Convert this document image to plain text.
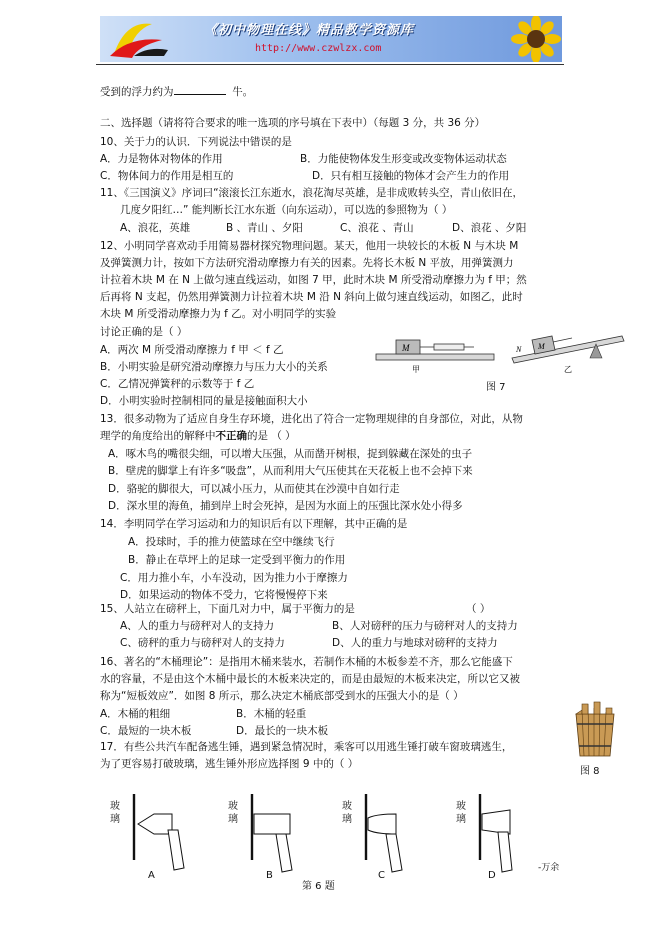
《初中物理在线》精品教学资源库
http://www.czwlzx.com
受到的浮力约为	牛。
二、选择题（请将符合要求的唯一选项的序号填在下表中）（每题 3 分，共 36 分）
10、关于力的认识．下列说法中错误的是
A．力是物体对物体的作用	B．力能使物体发生形变或改变物体运动状态
C．物体间力的作用是相互的	D．只有相互接触的物体才会产生力的作用
11、《三国演义》序词曰“滚滚长江东逝水，浪花淘尽英雄，是非成败转头空，青山依旧在，
几度夕阳红…” 能判断长江水东逝（向东运动），可以选的参照物为（ ）
A、浪花，英雄	B 、青山 、夕阳	C、浪花 、青山	D、浪花 、夕阳
12、小明同学喜欢动手用简易器材探究物理问题。某天，他用一块较长的木板 N 与木块 M
及弹簧测力计，按如下方法研究滑动摩擦力有关的因素。先将长木板 N 平放，用弹簧测力
计拉着木块 M 在 N 上做匀速直线运动，如图 7 甲，此时木块 M 所受滑动摩擦力为 f 甲；然
后再将 N 支起，仍然用弹簧测力计拉着木块 M 沿 N 斜向上做匀速直线运动，如图乙，此时
木块 M 所受滑动摩擦力为 f 乙。对小明同学的实验
讨论正确的是（ ）
A．两次 M 所受滑动摩擦力 f 甲 ＜ f 乙
B．小明实验是研究滑动摩擦力与压力大小的关系
C．乙情况弹簧秤的示数等于 f 乙
D．小明实验时控制相同的量是接触面积大小
M
甲
M
N
乙
图 7
13．很多动物为了适应自身生存环境，进化出了符合一定物理规律的自身部位，对此，从物
理学的角度给出的解释中不正确的是 （ ）
A．啄木鸟的嘴很尖细，可以增大压强，从而凿开树根，捉到躲藏在深处的虫子
B．壁虎的脚掌上有许多“吸盘”，从而利用大气压使其在天花板上也不会掉下来
D．骆驼的脚很大，可以减小压力，从而使其在沙漠中自如行走
D．深水里的海鱼，捕到岸上时会死掉，是因为水面上的压强比深水处小得多
14．李明同学在学习运动和力的知识后有以下理解，其中正确的是
A．投球时，手的推力使篮球在空中继续飞行
B．静止在草坪上的足球一定受到平衡力的作用
C．用力推小车，小车没动，因为推力小于摩擦力
D．如果运动的物体不受力，它将慢慢停下来
15、人站立在磅秤上，下面几对力中，属于平衡力的是	（ ）
A、人的重力与磅秤对人的支持力	B、人对磅秤的压力与磅秤对人的支持力
C、磅秤的重力与磅秤对人的支持力	D、人的重力与地球对磅秤的支持力
16、著名的“木桶理论”：是指用木桶来装水，若制作木桶的木板参差不齐，那么它能盛下
水的容量，不是由这个木桶中最长的木板来决定的，而是由最短的木板来决定，所以它又被
称为“短板效应”．如图 8 所示，那么决定木桶底部受到水的压强大小的是（ ）
A．木桶的粗细	B．木桶的轻重
C．最短的一块木板	D．最长的一块木板
图 8
17．有些公共汽车配备逃生锤，遇到紧急情况时，乘客可以用逃生锤打破车窗玻璃逃生，
为了更容易打破玻璃，逃生锤外形应选择图 9 中的（ ）
玻璃
A
玻璃
B
玻璃
C
玻璃
D
第 6 题
-万余
